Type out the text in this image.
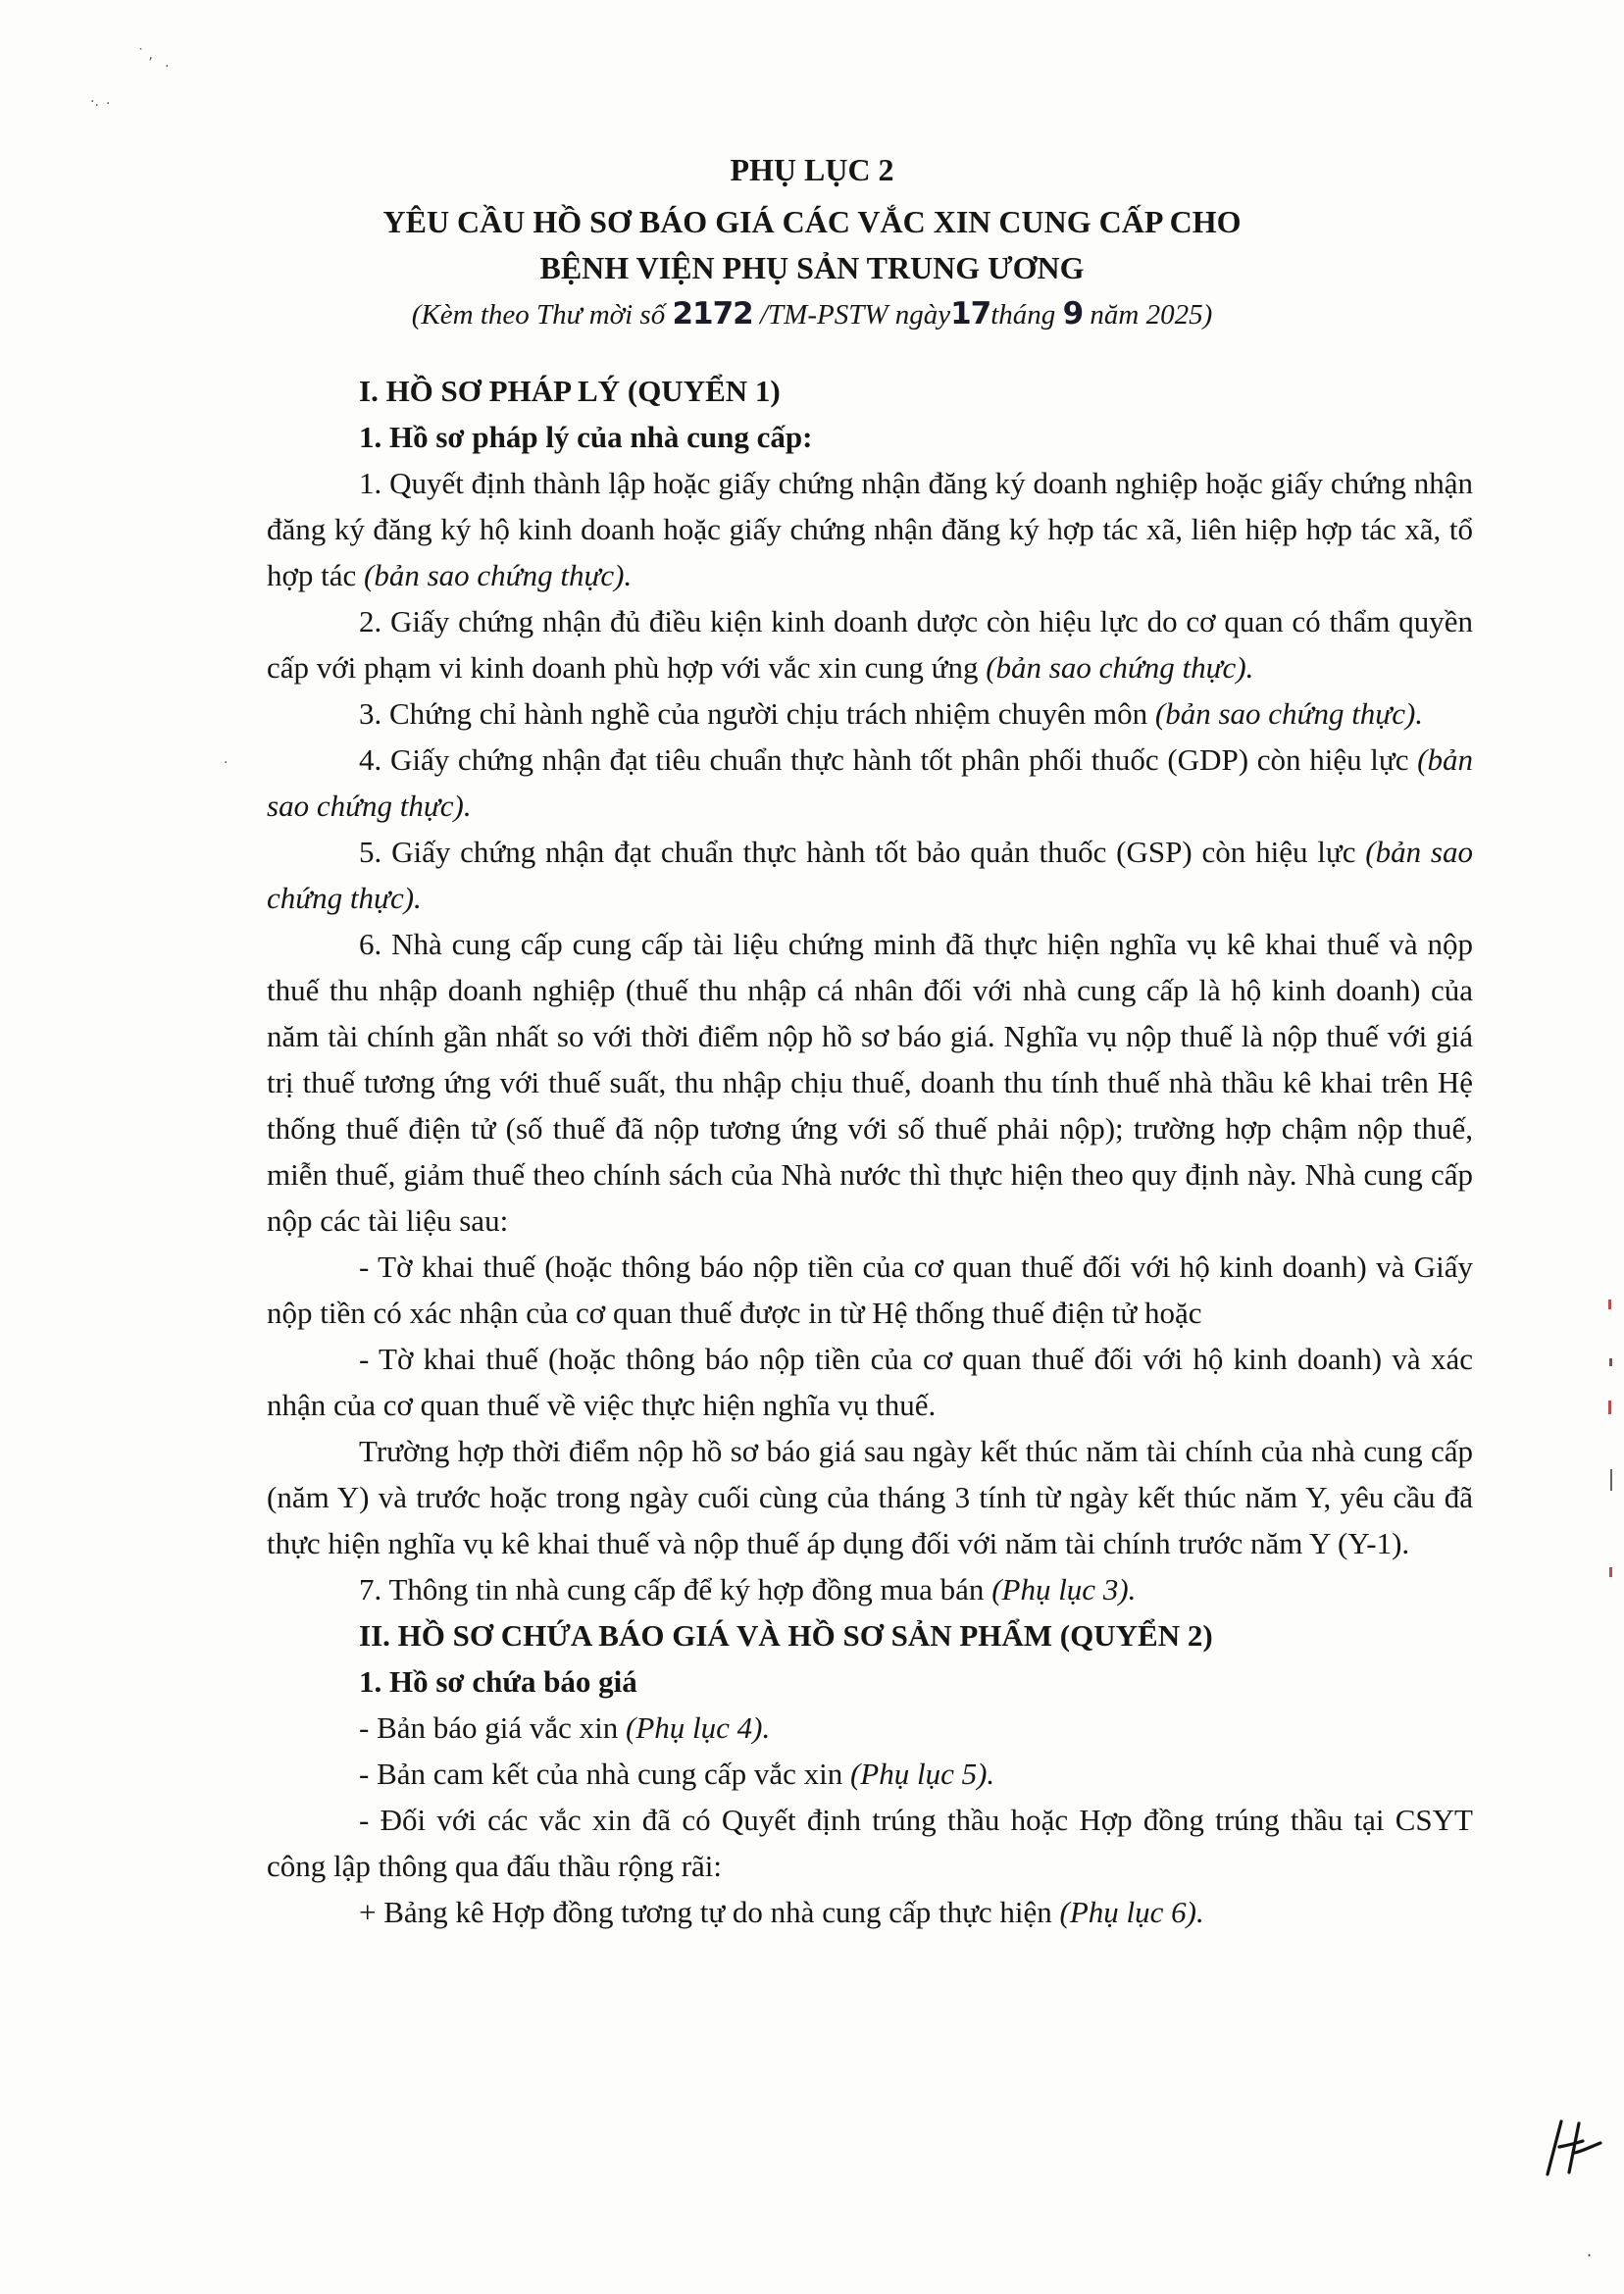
˙ ,
·
·. ·
·
PHỤ LỤC 2
YÊU CẦU HỒ SƠ BÁO GIÁ CÁC VẮC XIN CUNG CẤP CHO
BỆNH VIỆN PHỤ SẢN TRUNG ƯƠNG
(Kèm theo Thư mời số 2172 /TM-PSTW ngày17tháng 9 năm 2025)

I. HỒ SƠ PHÁP LÝ (QUYỂN 1)

1. Hồ sơ pháp lý của nhà cung cấp:

1. Quyết định thành lập hoặc giấy chứng nhận đăng ký doanh nghiệp hoặc giấy chứng nhận đăng ký đăng ký hộ kinh doanh hoặc giấy chứng nhận đăng ký hợp tác xã, liên hiệp hợp tác xã, tổ hợp tác (bản sao chứng thực).

2. Giấy chứng nhận đủ điều kiện kinh doanh dược còn hiệu lực do cơ quan có thẩm quyền cấp với phạm vi kinh doanh phù hợp với vắc xin cung ứng (bản sao chứng thực).

3. Chứng chỉ hành nghề của người chịu trách nhiệm chuyên môn (bản sao chứng thực).

4. Giấy chứng nhận đạt tiêu chuẩn thực hành tốt phân phối thuốc (GDP) còn hiệu lực (bản sao chứng thực).

5. Giấy chứng nhận đạt chuẩn thực hành tốt bảo quản thuốc (GSP) còn hiệu lực (bản sao chứng thực).

6. Nhà cung cấp cung cấp tài liệu chứng minh đã thực hiện nghĩa vụ kê khai thuế và nộp thuế thu nhập doanh nghiệp (thuế thu nhập cá nhân đối với nhà cung cấp là hộ kinh doanh) của năm tài chính gần nhất so với thời điểm nộp hồ sơ báo giá. Nghĩa vụ nộp thuế là nộp thuế với giá trị thuế tương ứng với thuế suất, thu nhập chịu thuế, doanh thu tính thuế nhà thầu kê khai trên Hệ thống thuế điện tử (số thuế đã nộp tương ứng với số thuế phải nộp); trường hợp chậm nộp thuế, miễn thuế, giảm thuế theo chính sách của Nhà nước thì thực hiện theo quy định này. Nhà cung cấp nộp các tài liệu sau:

- Tờ khai thuế (hoặc thông báo nộp tiền của cơ quan thuế đối với hộ kinh doanh) và Giấy nộp tiền có xác nhận của cơ quan thuế được in từ Hệ thống thuế điện tử hoặc

- Tờ khai thuế (hoặc thông báo nộp tiền của cơ quan thuế đối với hộ kinh doanh) và xác nhận của cơ quan thuế về việc thực hiện nghĩa vụ thuế.

Trường hợp thời điểm nộp hồ sơ báo giá sau ngày kết thúc năm tài chính của nhà cung cấp (năm Y) và trước hoặc trong ngày cuối cùng của tháng 3 tính từ ngày kết thúc năm Y, yêu cầu đã thực hiện nghĩa vụ kê khai thuế và nộp thuế áp dụng đối với năm tài chính trước năm Y (Y-1).

7. Thông tin nhà cung cấp để ký hợp đồng mua bán (Phụ lục 3).

II. HỒ SƠ CHỨA BÁO GIÁ VÀ HỒ SƠ SẢN PHẨM (QUYỂN 2)

1. Hồ sơ chứa báo giá

- Bản báo giá vắc xin (Phụ lục 4).

- Bản cam kết của nhà cung cấp vắc xin (Phụ lục 5).

- Đối với các vắc xin đã có Quyết định trúng thầu hoặc Hợp đồng trúng thầu tại CSYT công lập thông qua đấu thầu rộng rãi:

+ Bảng kê Hợp đồng tương tự do nhà cung cấp thực hiện (Phụ lục 6).

·
